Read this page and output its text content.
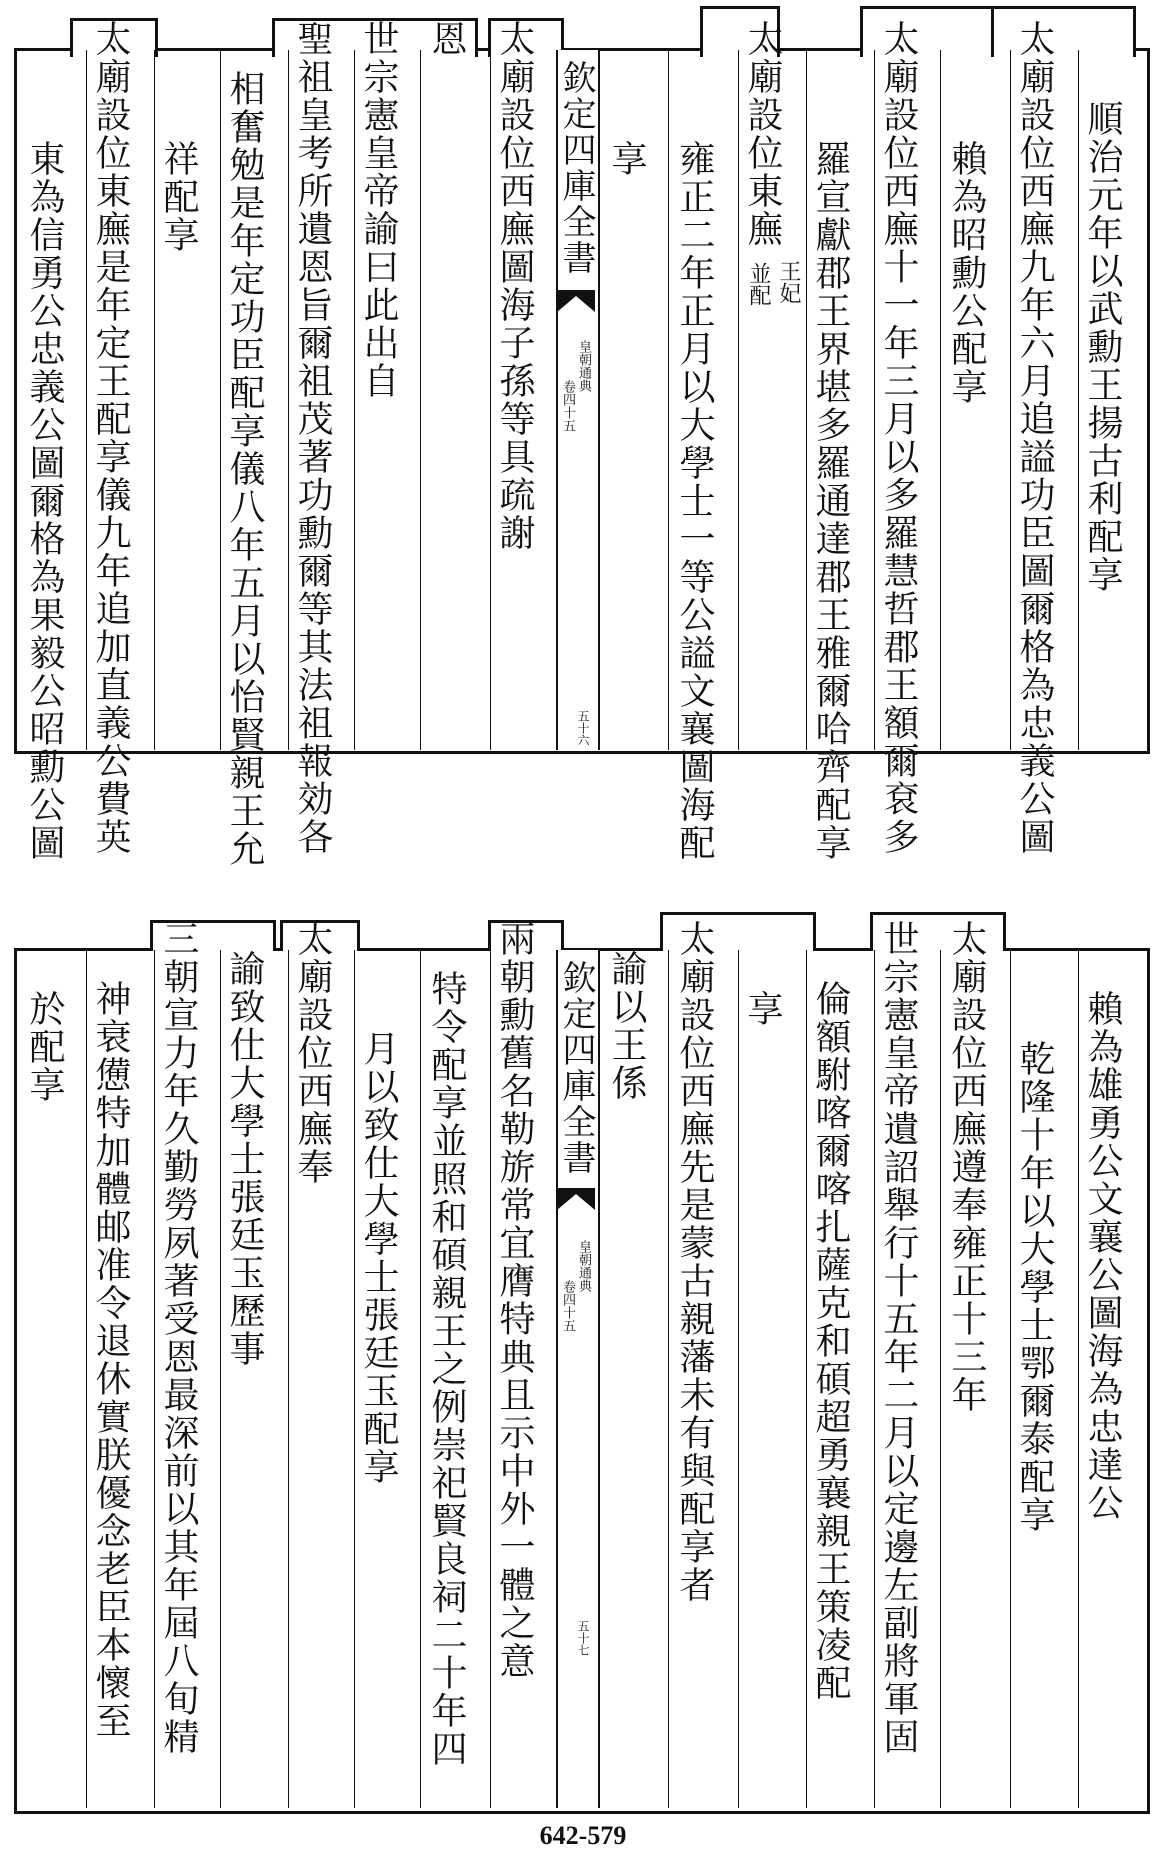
欽定四庫全書
皇朝通典
卷四十五
五十六
順治元年以武勳王揚古利配享
太廟設位西廡九年六月追謚功臣圖爾格為忠義公圖
賴為昭勳公配享
太廟設位西廡十一年三月以多羅慧哲郡王額爾袞多
羅宣獻郡王界堪多羅通達郡王雅爾哈齊配享
太廟設位東廡
王妃
並配
雍正二年正月以大學士一等公謚文襄圖海配
享
太廟設位西廡圖海子孫等具疏謝
恩
世宗憲皇帝諭曰此出自
聖祖皇考所遺恩旨爾祖茂著功勳爾等其法祖報効各
相奮勉是年定功臣配享儀八年五月以怡賢親王允
祥配享
太廟設位東廡是年定王配享儀九年追加直義公費英
東為信勇公忠義公圖爾格為果毅公昭勳公圖
欽定四庫全書
皇朝通典
卷四十五
五十七
賴為雄勇公文襄公圖海為忠達公
乾隆十年以大學士鄂爾泰配享
太廟設位西廡遵奉雍正十三年
世宗憲皇帝遺詔舉行十五年二月以定邊左副將軍固
倫額駙喀爾喀扎薩克和碩超勇襄親王策凌配
享
太廟設位西廡先是蒙古親藩未有與配享者
諭以王係
兩朝勳舊名勒旂常宜膺特典且示中外一體之意
特令配享並照和碩親王之例崇祀賢良祠二十年四
月以致仕大學士張廷玉配享
太廟設位西廡奉
諭致仕大學士張廷玉歷事
三朝宣力年久勤勞夙著受恩最深前以其年屆八旬精
神衰憊特加體邮准令退休實朕優念老臣本懷至
於配享
642-579
